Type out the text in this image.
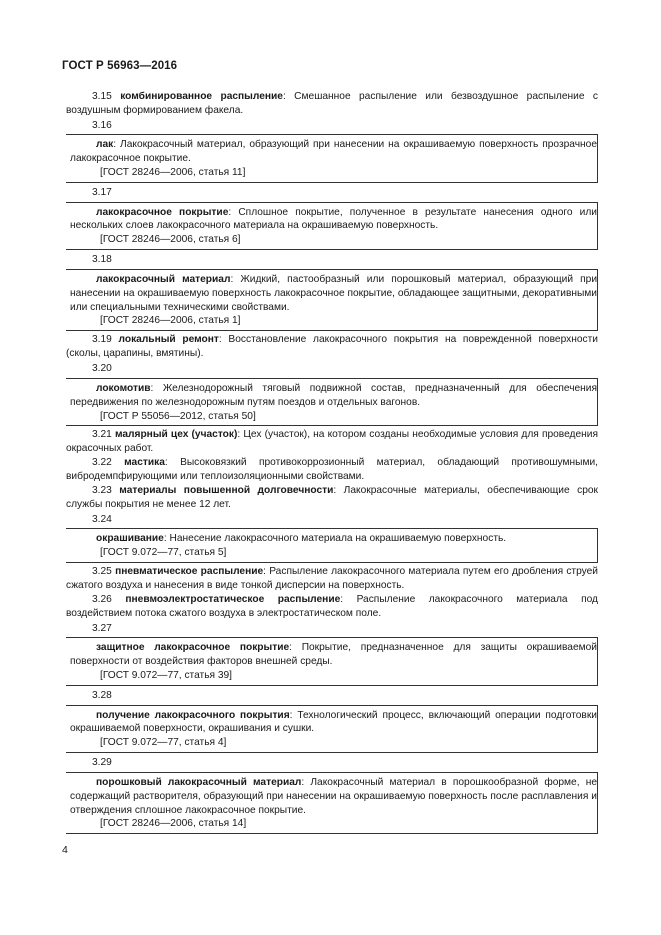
ГОСТ Р 56963—2016

3.15 комбинированное распыление: Смешанное распыление или безвоздушное распыление с воздушным формированием факела.

3.16

лак: Лакокрасочный материал, образующий при нанесении на окрашиваемую поверхность прозрачное лакокрасочное покрытие.

[ГОСТ 28246—2006, статья 11]

3.17

лакокрасочное покрытие: Сплошное покрытие, полученное в результате нанесения одного или нескольких слоев лакокрасочного материала на окрашиваемую поверхность.

[ГОСТ 28246—2006, статья 6]

3.18

лакокрасочный материал: Жидкий, пастообразный или порошковый материал, образующий при нанесении на окрашиваемую поверхность лакокрасочное покрытие, обладающее защитными, декоративными или специальными техническими свойствами.

[ГОСТ 28246—2006, статья 1]

3.19 локальный ремонт: Восстановление лакокрасочного покрытия на поврежденной поверхности (сколы, царапины, вмятины).

3.20

локомотив: Железнодорожный тяговый подвижной состав, предназначенный для обеспечения передвижения по железнодорожным путям поездов и отдельных вагонов.

[ГОСТ Р 55056—2012, статья 50]

3.21 малярный цех (участок): Цех (участок), на котором созданы необходимые условия для проведения окрасочных работ.

3.22 мастика: Высоковязкий противокоррозионный материал, обладающий противошумными, вибродемпфирующими или теплоизоляционными свойствами.

3.23 материалы повышенной долговечности: Лакокрасочные материалы, обеспечивающие срок службы покрытия не менее 12 лет.

3.24

окрашивание: Нанесение лакокрасочного материала на окрашиваемую поверхность.

[ГОСТ 9.072—77, статья 5]

3.25 пневматическое распыление: Распыление лакокрасочного материала путем его дробления струей сжатого воздуха и нанесения в виде тонкой дисперсии на поверхность.

3.26 пневмоэлектростатическое распыление: Распыление лакокрасочного материала под воздействием потока сжатого воздуха в электростатическом поле.

3.27

защитное лакокрасочное покрытие: Покрытие, предназначенное для защиты окрашиваемой поверхности от воздействия факторов внешней среды.

[ГОСТ 9.072—77, статья 39]

3.28

получение лакокрасочного покрытия: Технологический процесс, включающий операции подготовки окрашиваемой поверхности, окрашивания и сушки.

[ГОСТ 9.072—77, статья 4]

3.29

порошковый лакокрасочный материал: Лакокрасочный материал в порошкообразной форме, не содержащий растворителя, образующий при нанесении на окрашиваемую поверхность после расплавления и отверждения сплошное лакокрасочное покрытие.

[ГОСТ 28246—2006, статья 14]

4
